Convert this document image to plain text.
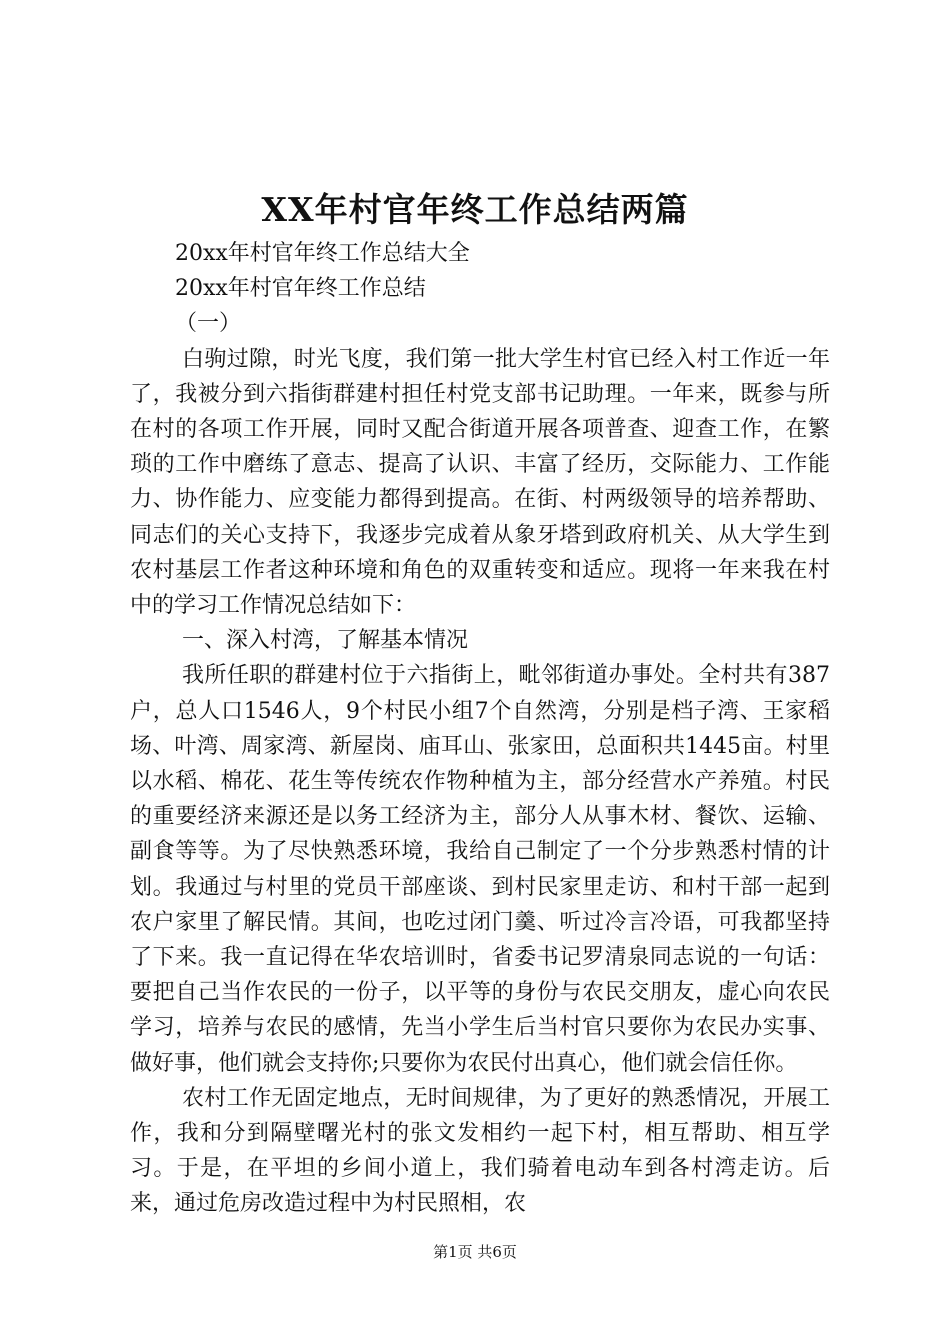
XX年村官年终工作总结两篇

20xx年村官年终工作总结大全

20xx年村官年终工作总结

（一）

白驹过隙，时光飞度，我们第一批大学生村官已经入村工作近一年了，我被分到六指街群建村担任村党支部书记助理。一年来，既参与所在村的各项工作开展，同时又配合街道开展各项普查、迎查工作，在繁琐的工作中磨练了意志、提高了认识、丰富了经历，交际能力、工作能力、协作能力、应变能力都得到提高。在街、村两级领导的培养帮助、同志们的关心支持下，我逐步完成着从象牙塔到政府机关、从大学生到农村基层工作者这种环境和角色的双重转变和适应。现将一年来我在村中的学习工作情况总结如下：

一、深入村湾，了解基本情况

我所任职的群建村位于六指街上，毗邻街道办事处。全村共有387户，总人口1546人，9个村民小组7个自然湾，分别是档子湾、王家稻场、叶湾、周家湾、新屋岗、庙耳山、张家田，总面积共1445亩。村里以水稻、棉花、花生等传统农作物种植为主，部分经营水产养殖。村民的重要经济来源还是以务工经济为主，部分人从事木材、餐饮、运输、副食等等。为了尽快熟悉环境，我给自己制定了一个分步熟悉村情的计划。我通过与村里的党员干部座谈、到村民家里走访、和村干部一起到农户家里了解民情。其间，也吃过闭门羹、听过冷言冷语，可我都坚持了下来。我一直记得在华农培训时，省委书记罗清泉同志说的一句话：要把自己当作农民的一份子，以平等的身份与农民交朋友，虚心向农民学习，培养与农民的感情，先当小学生后当村官只要你为农民办实事、做好事，他们就会支持你;只要你为农民付出真心，他们就会信任你。

农村工作无固定地点，无时间规律，为了更好的熟悉情况，开展工作，我和分到隔壁曙光村的张文发相约一起下村，相互帮助、相互学习。于是，在平坦的乡间小道上，我们骑着电动车到各村湾走访。后来，通过危房改造过程中为村民照相，农

第1页 共6页
